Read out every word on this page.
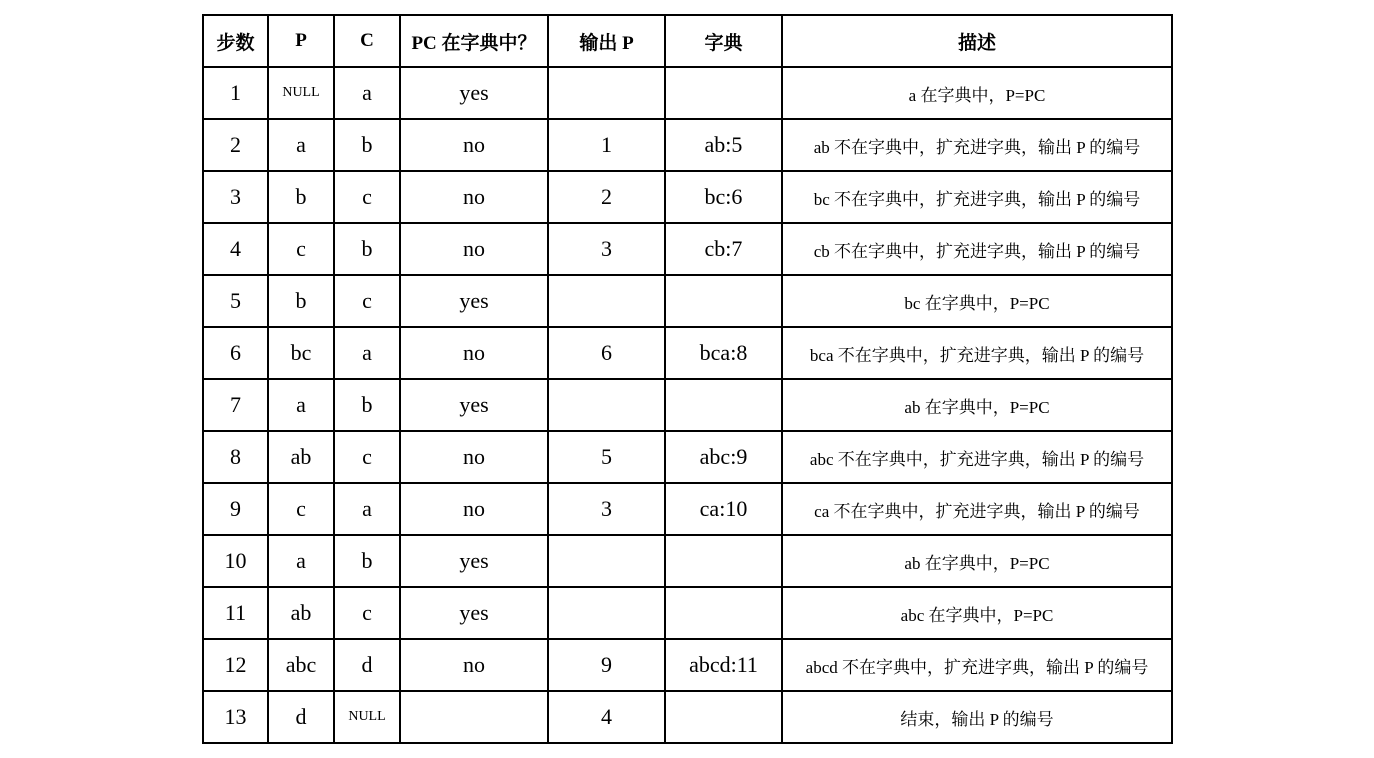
步数	P	C	PC 在字典中？	输出 P	字典	描述
1	NULL	a	yes			a 在字典中，P=PC
2	a	b	no	1	ab:5	ab 不在字典中，扩充进字典，输出 P 的编号
3	b	c	no	2	bc:6	bc 不在字典中，扩充进字典，输出 P 的编号
4	c	b	no	3	cb:7	cb 不在字典中，扩充进字典，输出 P 的编号
5	b	c	yes			bc 在字典中，P=PC
6	bc	a	no	6	bca:8	bca 不在字典中，扩充进字典，输出 P 的编号
7	a	b	yes			ab 在字典中，P=PC
8	ab	c	no	5	abc:9	abc 不在字典中，扩充进字典，输出 P 的编号
9	c	a	no	3	ca:10	ca 不在字典中，扩充进字典，输出 P 的编号
10	a	b	yes			ab 在字典中，P=PC
11	ab	c	yes			abc 在字典中，P=PC
12	abc	d	no	9	abcd:11	abcd 不在字典中，扩充进字典，输出 P 的编号
13	d	NULL		4		结束，输出 P 的编号
